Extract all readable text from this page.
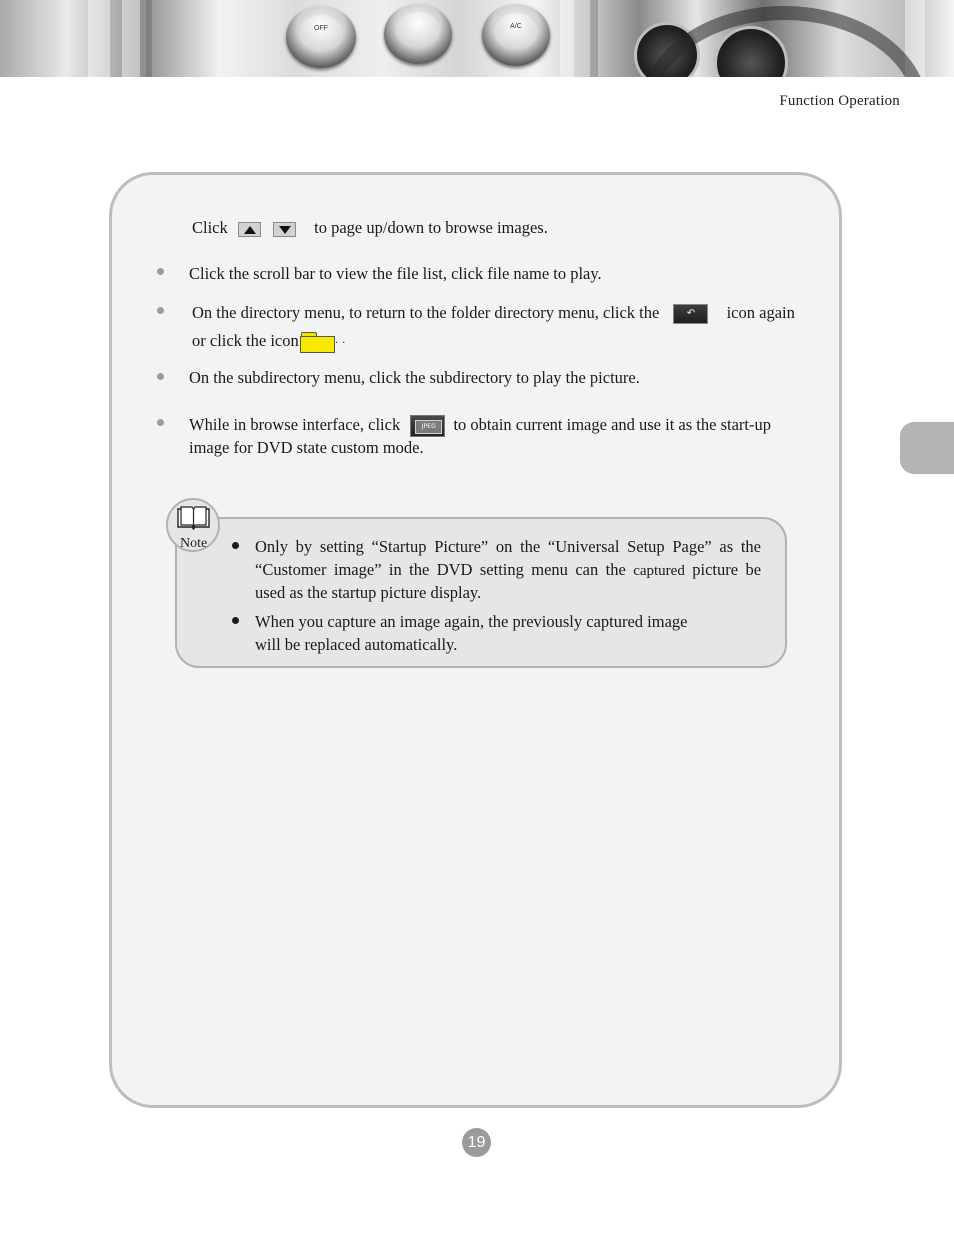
OFF	A/C
Function Operation
Click
	to page up/down to browse images.
Click the scroll bar to view the file list, click file name to play.
On the directory menu, to return to the folder directory menu, click the	↶ icon again
or click the icon	· ·
On the subdirectory menu, click the subdirectory to play the picture.
While in browse interface, click	JPEG	to obtain current image and use it as the start-up
image for DVD state custom mode.
Note	Only by setting “Startup Picture” on the “Universal Setup Page” as the
“Customer image” in the DVD setting menu can the captured picture be
used as the startup picture display.
When you capture an image again, the previously captured image
will be replaced automatically.
19
